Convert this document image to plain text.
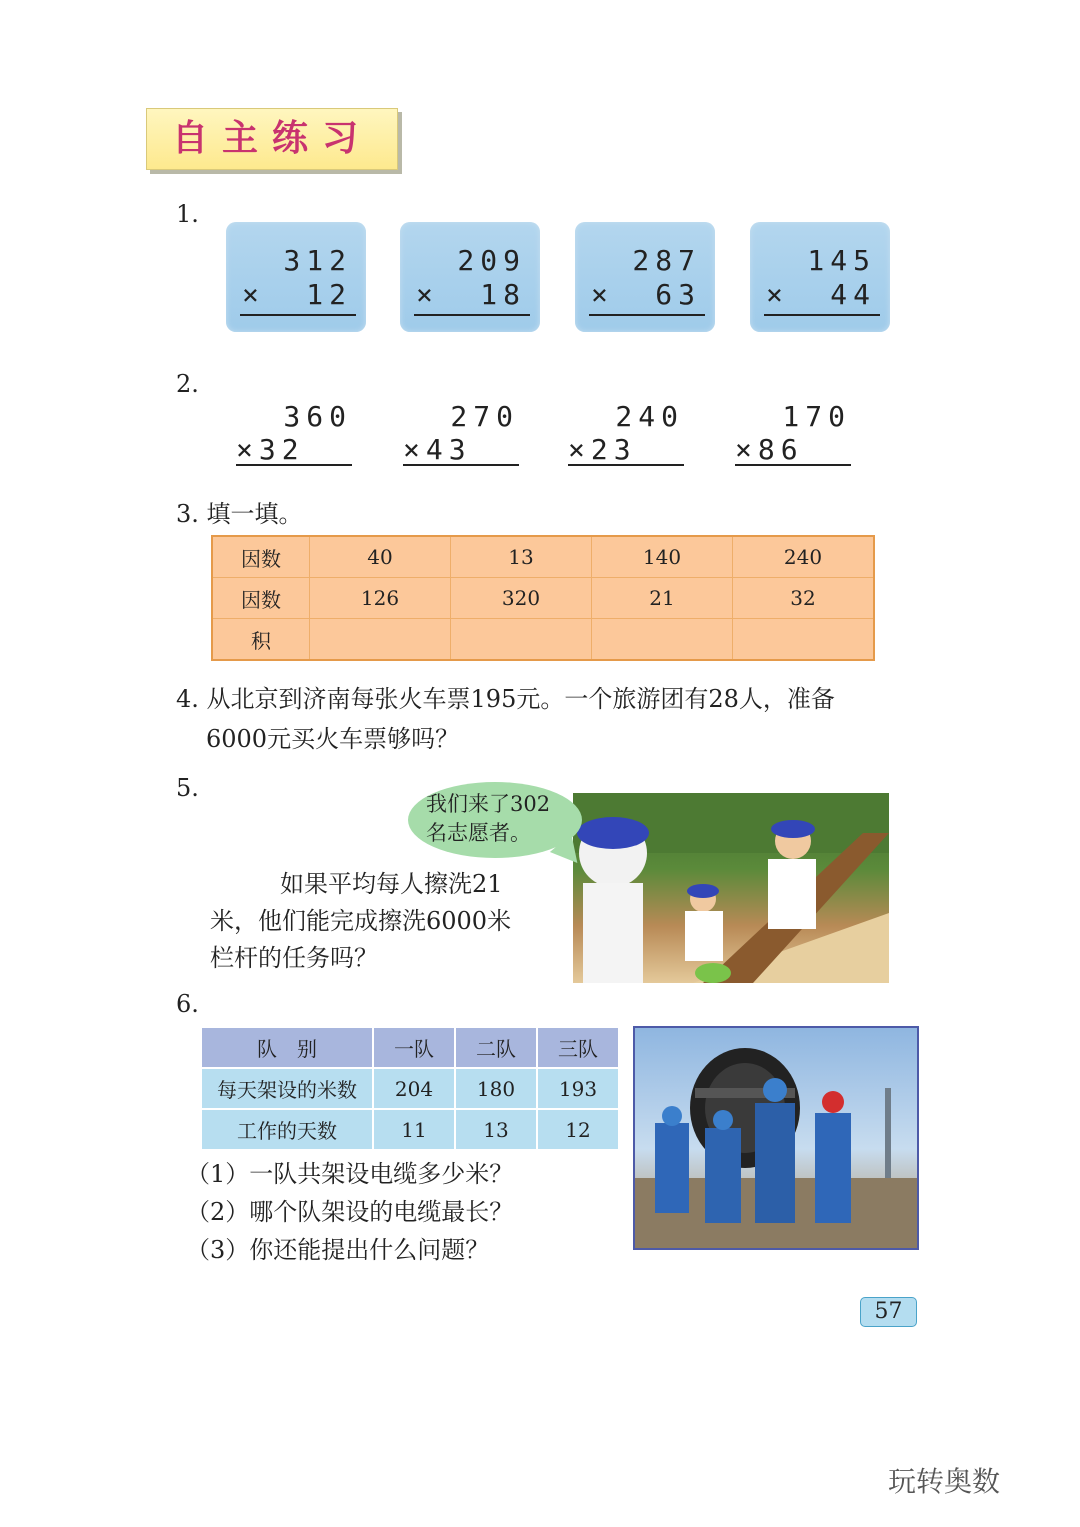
自主练习
1.
312
× 12
209
× 18
287
× 63
145
× 44
2.
360
×32
270
×43
240
×23
170
×86
3. 填一填。
因数	40	13	140	240
因数	126	320	21	32
积				
4. 从北京到济南每张火车票195元。一个旅游团有28人，准备
6000元买火车票够吗？
5.
我们来了302
名志愿者。
如果平均每人擦洗21
米，他们能完成擦洗6000米
栏杆的任务吗？
6.
队　别	一队	二队	三队
每天架设的米数	204	180	193
工作的天数	11	13	12
（1）一队共架设电缆多少米？
（2）哪个队架设的电缆最长？
（3）你还能提出什么问题？
57
玩转奥数
